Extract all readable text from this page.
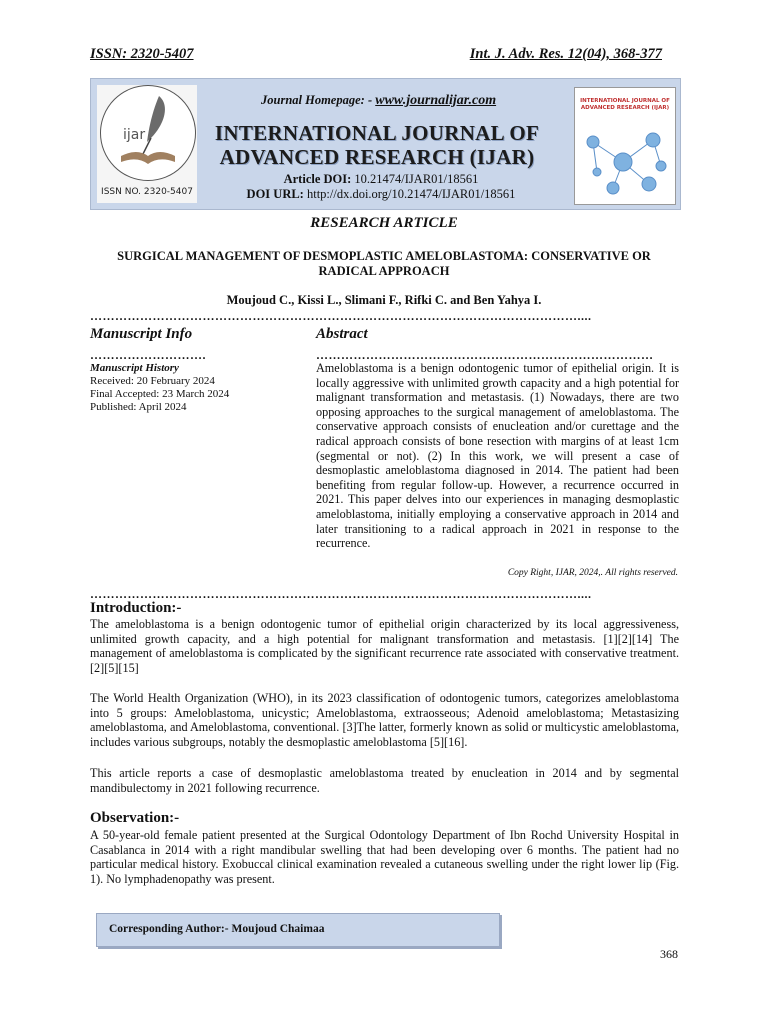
ISSN: 2320-5407	Int. J. Adv. Res. 12(04), 368-377
ijar
ISSN NO. 2320-5407
Journal Homepage: - www.journalijar.com
INTERNATIONAL JOURNAL OF
ADVANCED RESEARCH (IJAR)
Article DOI: 10.21474/IJAR01/18561
DOI URL: http://dx.doi.org/10.21474/IJAR01/18561
INTERNATIONAL JOURNAL OF ADVANCED RESEARCH (IJAR)
RESEARCH ARTICLE
SURGICAL MANAGEMENT OF DESMOPLASTIC AMELOBLASTOMA: CONSERVATIVE OR RADICAL APPROACH
Moujoud C., Kissi L., Slimani F., Rifki C. and Ben Yahya I.
………………………………………………………………………………………………………....
Manuscript Info	Abstract
……………………….	………………………………………………………………………
Manuscript History
Received: 20 February 2024
Final Accepted: 23 March 2024
Published: April 2024
Ameloblastoma is a benign odontogenic tumor of epithelial origin. It is locally aggressive with unlimited growth capacity and a high potential for malignant transformation and metastasis. (1) Nowadays, there are two opposing approaches to the surgical management of ameloblastoma. The conservative approach consists of enucleation and/or curettage and the radical approach consists of bone resection with margins of at least 1cm (segmental or not). (2) In this work, we will present a case of desmoplastic ameloblastoma diagnosed in 2014. The patient had been benefiting from regular follow-up. However, a recurrence occurred in 2021. This paper delves into our experiences in managing desmoplastic ameloblastoma, initially employing a conservative approach in 2014 and later transitioning to a radical approach in 2021 in response to the recurrence.
Copy Right, IJAR, 2024,. All rights reserved.
………………………………………………………………………………………………………....
Introduction:-
The ameloblastoma is a benign odontogenic tumor of epithelial origin characterized by its local aggressiveness, unlimited growth capacity, and a high potential for malignant transformation and metastasis. [1][2][14] The management of ameloblastoma is complicated by the significant recurrence rate associated with conservative treatment.[2][5][15]
The World Health Organization (WHO), in its 2023 classification of odontogenic tumors, categorizes ameloblastoma into 5 groups: Ameloblastoma, unicystic; Ameloblastoma, extraosseous; Adenoid ameloblastoma; Metastasizing ameloblastoma, and Ameloblastoma, conventional. [3]The latter, formerly known as solid or multicystic ameloblastoma, includes various subgroups, notably the desmoplastic ameloblastoma [5][16].
This article reports a case of desmoplastic ameloblastoma treated by enucleation in 2014 and by segmental mandibulectomy in 2021 following recurrence.
Observation:-
A 50-year-old female patient presented at the Surgical Odontology Department of Ibn Rochd University Hospital in Casablanca in 2014 with a right mandibular swelling that had been developing over 6 months. The patient had no particular medical history. Exobuccal clinical examination revealed a cutaneous swelling under the right lower lip (Fig. 1). No lymphadenopathy was present.
Corresponding Author:- Moujoud Chaimaa
368
